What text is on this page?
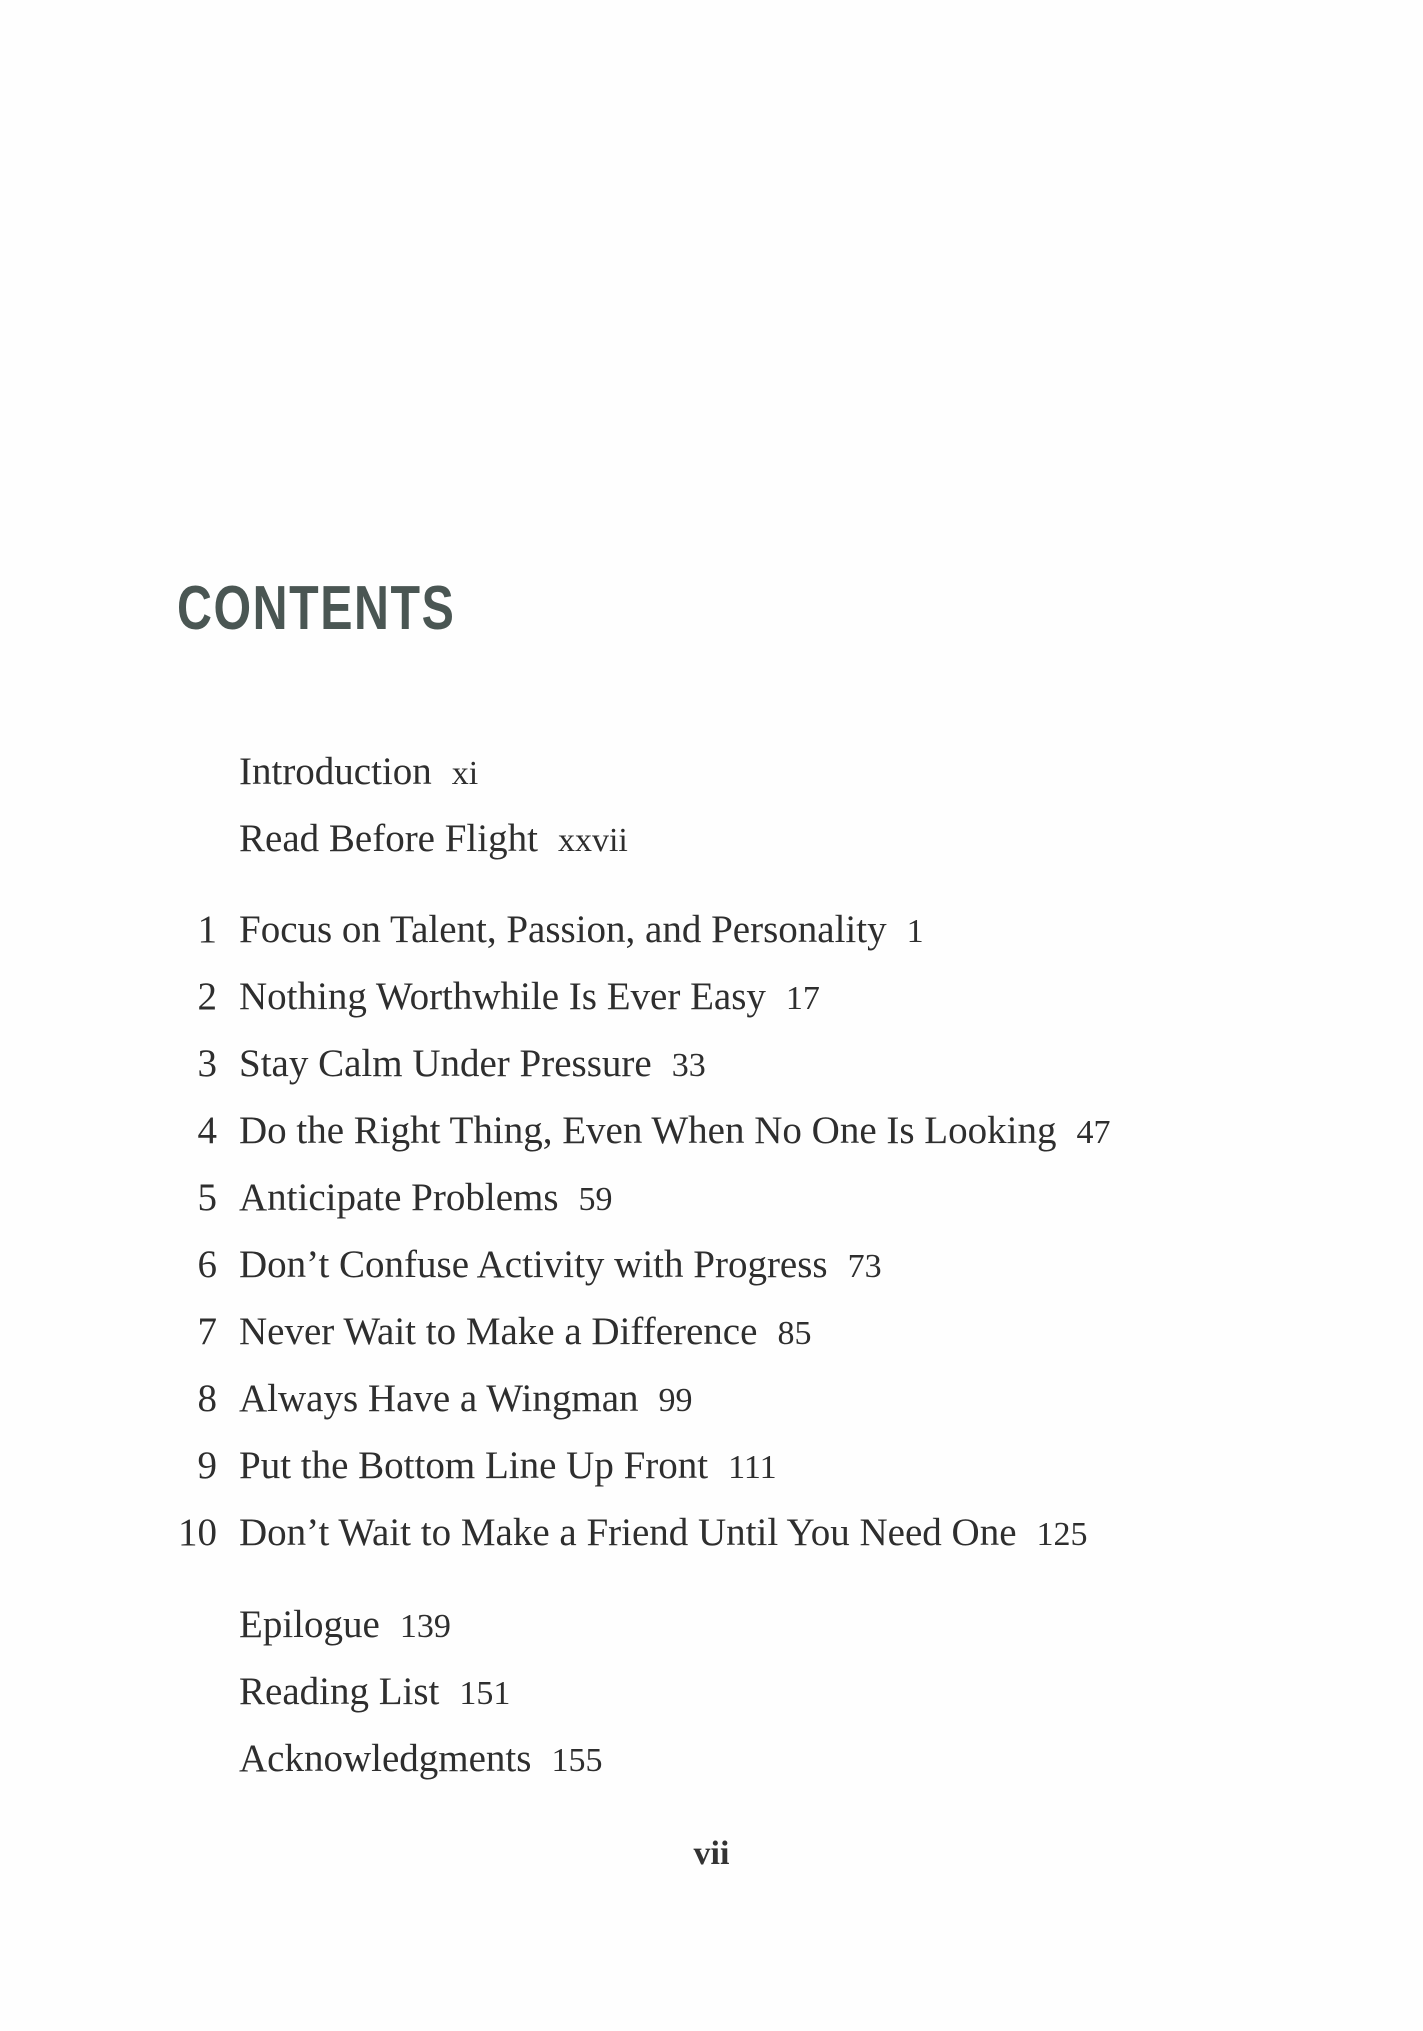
CONTENTS
Introduction xi
Read Before Flight xxvii
1 Focus on Talent, Passion, and Personality 1
2 Nothing Worthwhile Is Ever Easy 17
3 Stay Calm Under Pressure 33
4 Do the Right Thing, Even When No One Is Looking 47
5 Anticipate Problems 59
6 Don’t Confuse Activity with Progress 73
7 Never Wait to Make a Difference 85
8 Always Have a Wingman 99
9 Put the Bottom Line Up Front 111
10 Don’t Wait to Make a Friend Until You Need One 125
Epilogue 139
Reading List 151
Acknowledgments 155
vii
